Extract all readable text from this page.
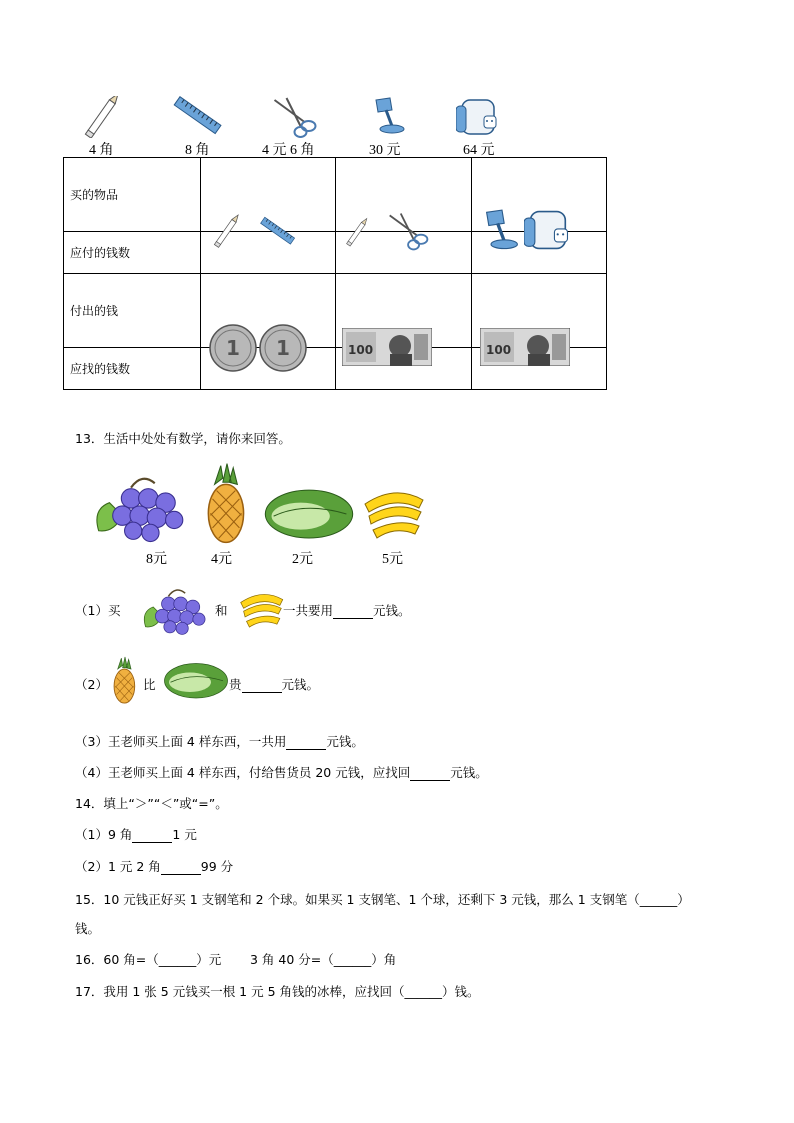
4 角	8 角	4 元 6 角	30 元	64 元
买的物品	

应付的钱数			
付出的钱	

应找的钱数			
13．生活中处处有数学，请你来回答。
8元	4元	2元	5元
（1）买	和	一共要用	元钱。
（2）	比	贵	元钱。
（3）王老师买上面 4 样东西，一共用	元钱。
（4）王老师买上面 4 样东西，付给售货员 20 元钱，应找回	元钱。
14．填上“＞”“＜”或“=”。
（1）9 角	1 元
（2）1 元 2 角	99 分
15．10 元钱正好买 1 支钢笔和 2 个球。如果买 1 支钢笔、1 个球，还剩下 3 元钱，那么 1 支钢笔（______）
钱。
16．60 角=（______）元 3 角 40 分=（______）角
17．我用 1 张 5 元钱买一根 1 元 5 角钱的冰棒，应找回（______）钱。
